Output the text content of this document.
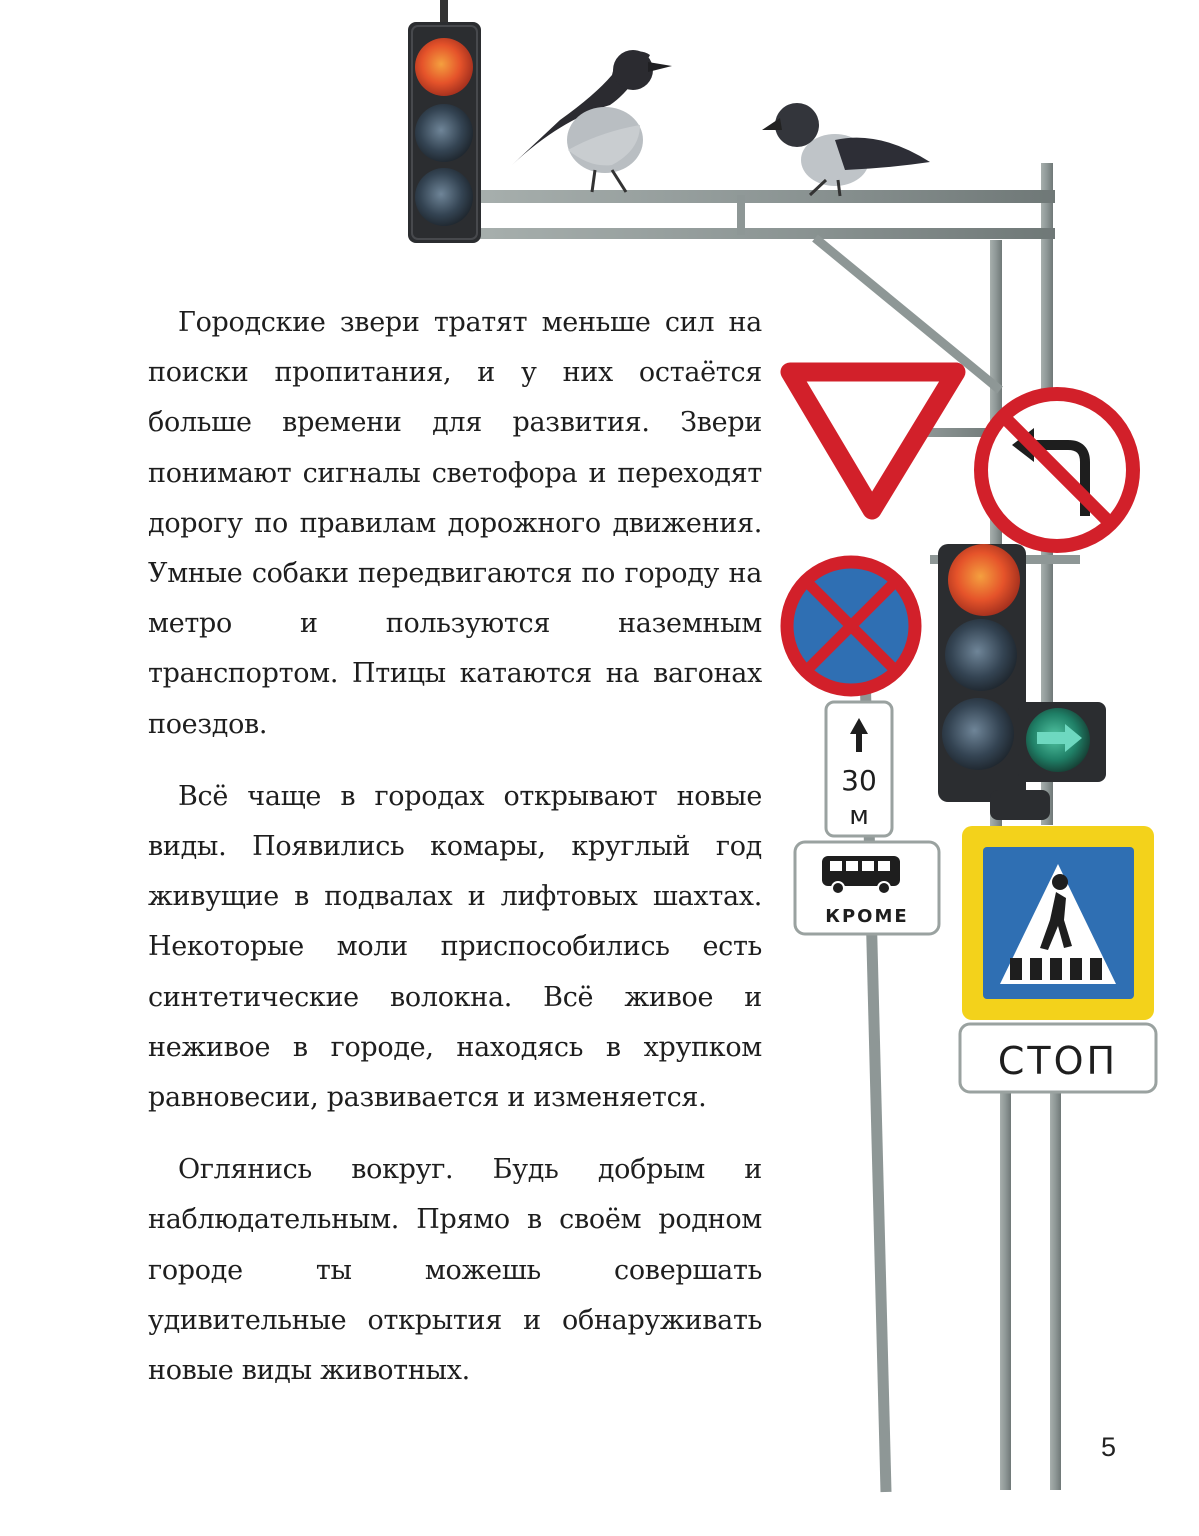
Городские звери тратят меньше сил на поиски пропитания, и у них остаётся больше времени для развития. Звери понимают сигналы светофора и переходят дорогу по правилам дорожного движения. Умные собаки передвигаются по городу на метро и пользуются наземным транспортом. Птицы катаются на вагонах поездов.

Всё чаще в городах открывают новые виды. Появились комары, круглый год живущие в подвалах и лифтовых шахтах. Некоторые моли приспособились есть синтетические волокна. Всё живое и неживое в городе, находясь в хрупком равновесии, развивается и изменяется.

Оглянись вокруг. Будь добрым и наблюдательным. Прямо в своём родном городе ты можешь совершать удивительные открытия и обнаруживать новые виды животных.

5
30
м
КРОМЕ
СТОП
